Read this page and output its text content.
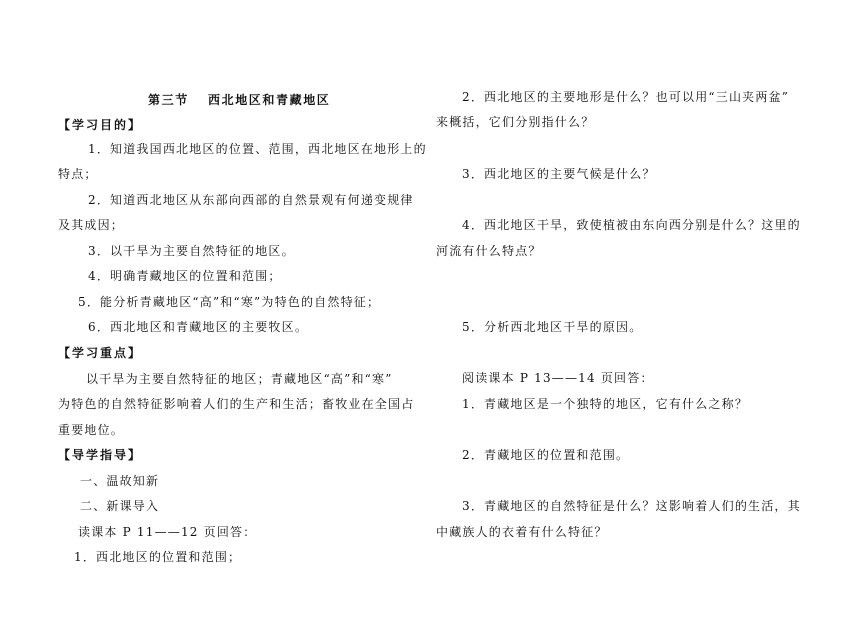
第三节 西北地区和青藏地区
【学习目的】
1．知道我国西北地区的位置、范围，西北地区在地形上的
特点；
2．知道西北地区从东部向西部的自然景观有何递变规律
及其成因；
3．以干旱为主要自然特征的地区。
4．明确青藏地区的位置和范围；
5．能分析青藏地区“高”和“寒”为特色的自然特征；
6．西北地区和青藏地区的主要牧区。
【学习重点】
以干旱为主要自然特征的地区；青藏地区“高”和“寒”
为特色的自然特征影响着人们的生产和生活；畜牧业在全国占
重要地位。
【导学指导】
一、温故知新
二、新课导入
读课本 P 11——12 页回答：
1．西北地区的位置和范围；
2．西北地区的主要地形是什么？也可以用“三山夹两盆”
来概括，它们分别指什么？
3．西北地区的主要气候是什么？
4．西北地区干旱，致使植被由东向西分别是什么？这里的
河流有什么特点？
5．分析西北地区干旱的原因。
阅读课本 P 13——14 页回答：
1．青藏地区是一个独特的地区，它有什么之称？
2．青藏地区的位置和范围。
3．青藏地区的自然特征是什么？这影响着人们的生活，其
中藏族人的衣着有什么特征？
